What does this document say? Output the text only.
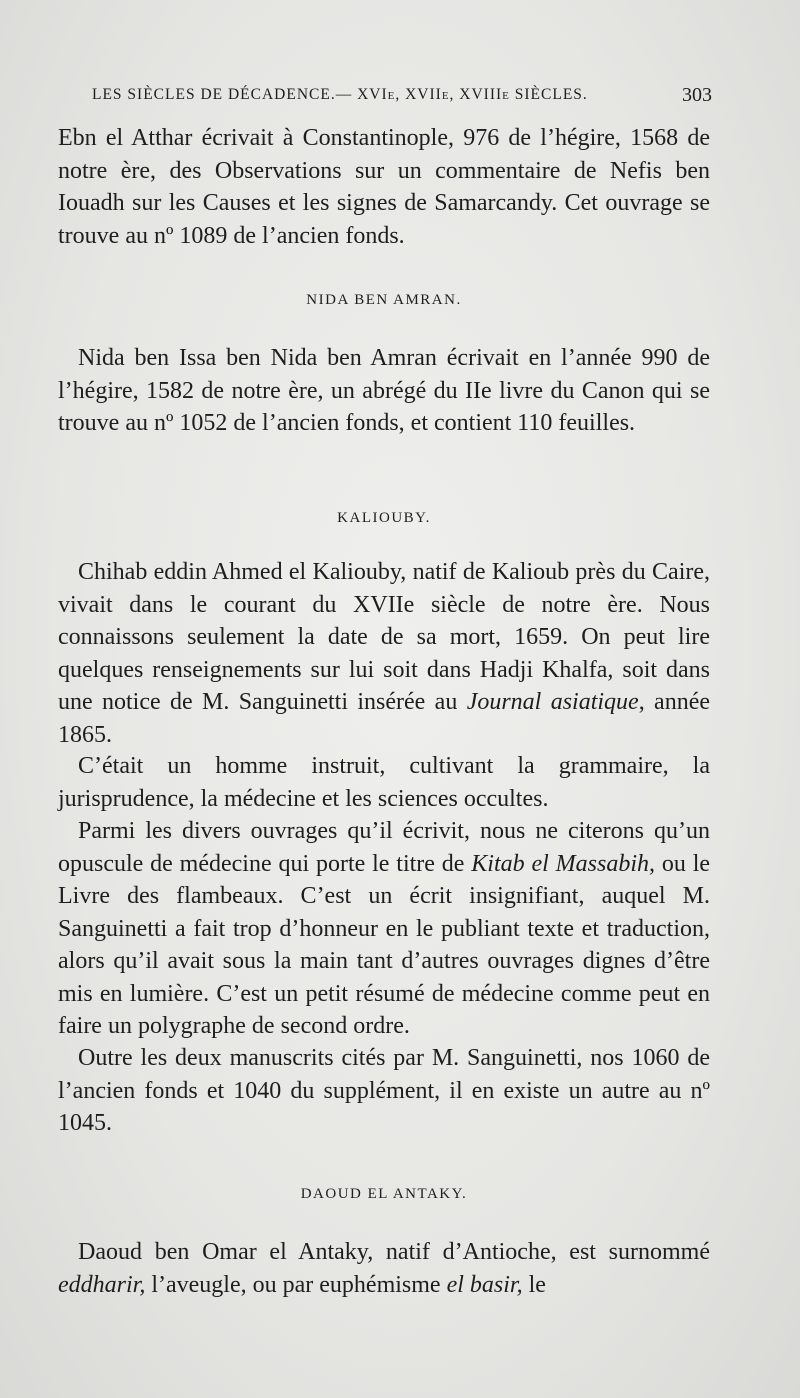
LES SIÈCLES DE DÉCADENCE.— XVIe, XVIIe, XVIIIe SIÈCLES.	303

Ebn el Atthar écrivait à Constantinople, 976 de l’hégire, 1568 de notre ère, des Observations sur un commentaire de Nefis ben Iouadh sur les Causes et les signes de Samarcandy. Cet ouvrage se trouve au nº 1089 de l’ancien fonds.

NIDA BEN AMRAN.

Nida ben Issa ben Nida ben Amran écrivait en l’année 990 de l’hégire, 1582 de notre ère, un abrégé du IIe livre du Canon qui se trouve au nº 1052 de l’ancien fonds, et contient 110 feuilles.

KALIOUBY.

Chihab eddin Ahmed el Kaliouby, natif de Kalioub près du Caire, vivait dans le courant du XVIIe siècle de notre ère. Nous connaissons seulement la date de sa mort, 1659. On peut lire quelques renseignements sur lui soit dans Hadji Khalfa, soit dans une notice de M. Sanguinetti insérée au Journal asiatique, année 1865.

C’était un homme instruit, cultivant la grammaire, la jurisprudence, la médecine et les sciences occultes.

Parmi les divers ouvrages qu’il écrivit, nous ne citerons qu’un opuscule de médecine qui porte le titre de Kitab el Massabih, ou le Livre des flambeaux. C’est un écrit insignifiant, auquel M. Sanguinetti a fait trop d’honneur en le publiant texte et traduction, alors qu’il avait sous la main tant d’autres ouvrages dignes d’être mis en lumière. C’est un petit résumé de médecine comme peut en faire un polygraphe de second ordre.

Outre les deux manuscrits cités par M. Sanguinetti, nos 1060 de l’ancien fonds et 1040 du supplément, il en existe un autre au nº 1045.

DAOUD EL ANTAKY.

Daoud ben Omar el Antaky, natif d’Antioche, est surnommé eddharir, l’aveugle, ou par euphémisme el basir, le
